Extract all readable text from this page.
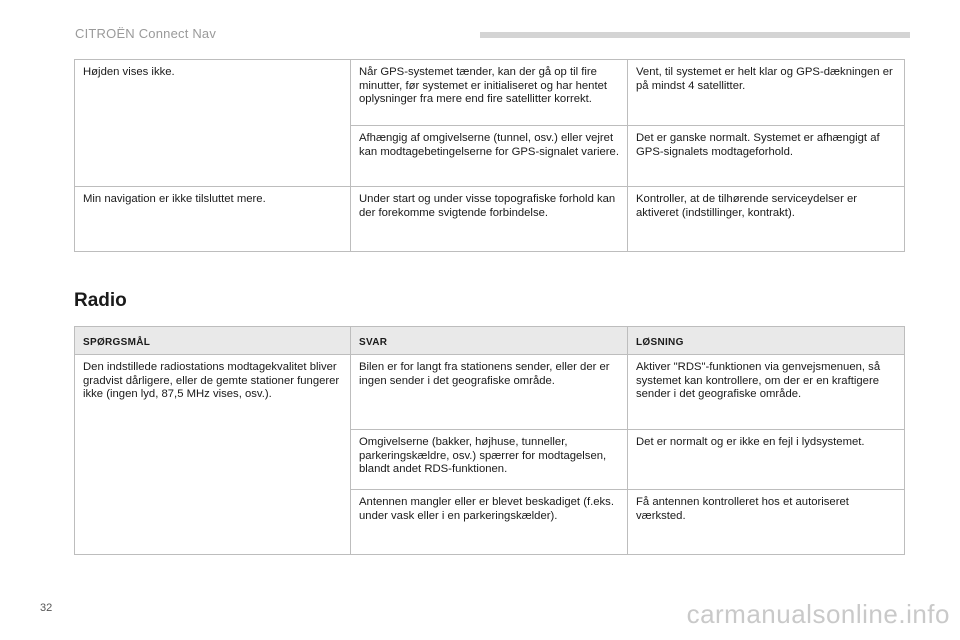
CITROËN Connect Nav
Højden vises ikke.	Når GPS-systemet tænder, kan der gå op til fire minutter, før systemet er initialiseret og har hentet oplysninger fra mere end fire satellitter korrekt.	Vent, til systemet er helt klar og GPS-dækningen er på mindst 4 satellitter.
	Afhængig af omgivelserne (tunnel, osv.) eller vejret kan modtagebetingelserne for GPS-signalet variere.	Det er ganske normalt. Systemet er afhængigt af GPS-signalets modtageforhold.
Min navigation er ikke tilsluttet mere.	Under start og under visse topografiske forhold kan der forekomme svigtende forbindelse.	Kontroller, at de tilhørende serviceydelser er aktiveret (indstillinger, kontrakt).
Radio
SPØRGSMÅL	SVAR	LØSNING
Den indstillede radiostations modtagekvalitet bliver gradvist dårligere, eller de gemte stationer fungerer ikke (ingen lyd, 87,5 MHz vises, osv.).	Bilen er for langt fra stationens sender, eller der er ingen sender i det geografiske område.	Aktiver "RDS"-funktionen via genvejsmenuen, så systemet kan kontrollere, om der er en kraftigere sender i det geografiske område.
	Omgivelserne (bakker, højhuse, tunneller, parkeringskældre, osv.) spærrer for modtagelsen, blandt andet RDS-funktionen.	Det er normalt og er ikke en fejl i lydsystemet.
	Antennen mangler eller er blevet beskadiget (f.eks. under vask eller i en parkeringskælder).	Få antennen kontrolleret hos et autoriseret værksted.
32	carmanualsonline.info
